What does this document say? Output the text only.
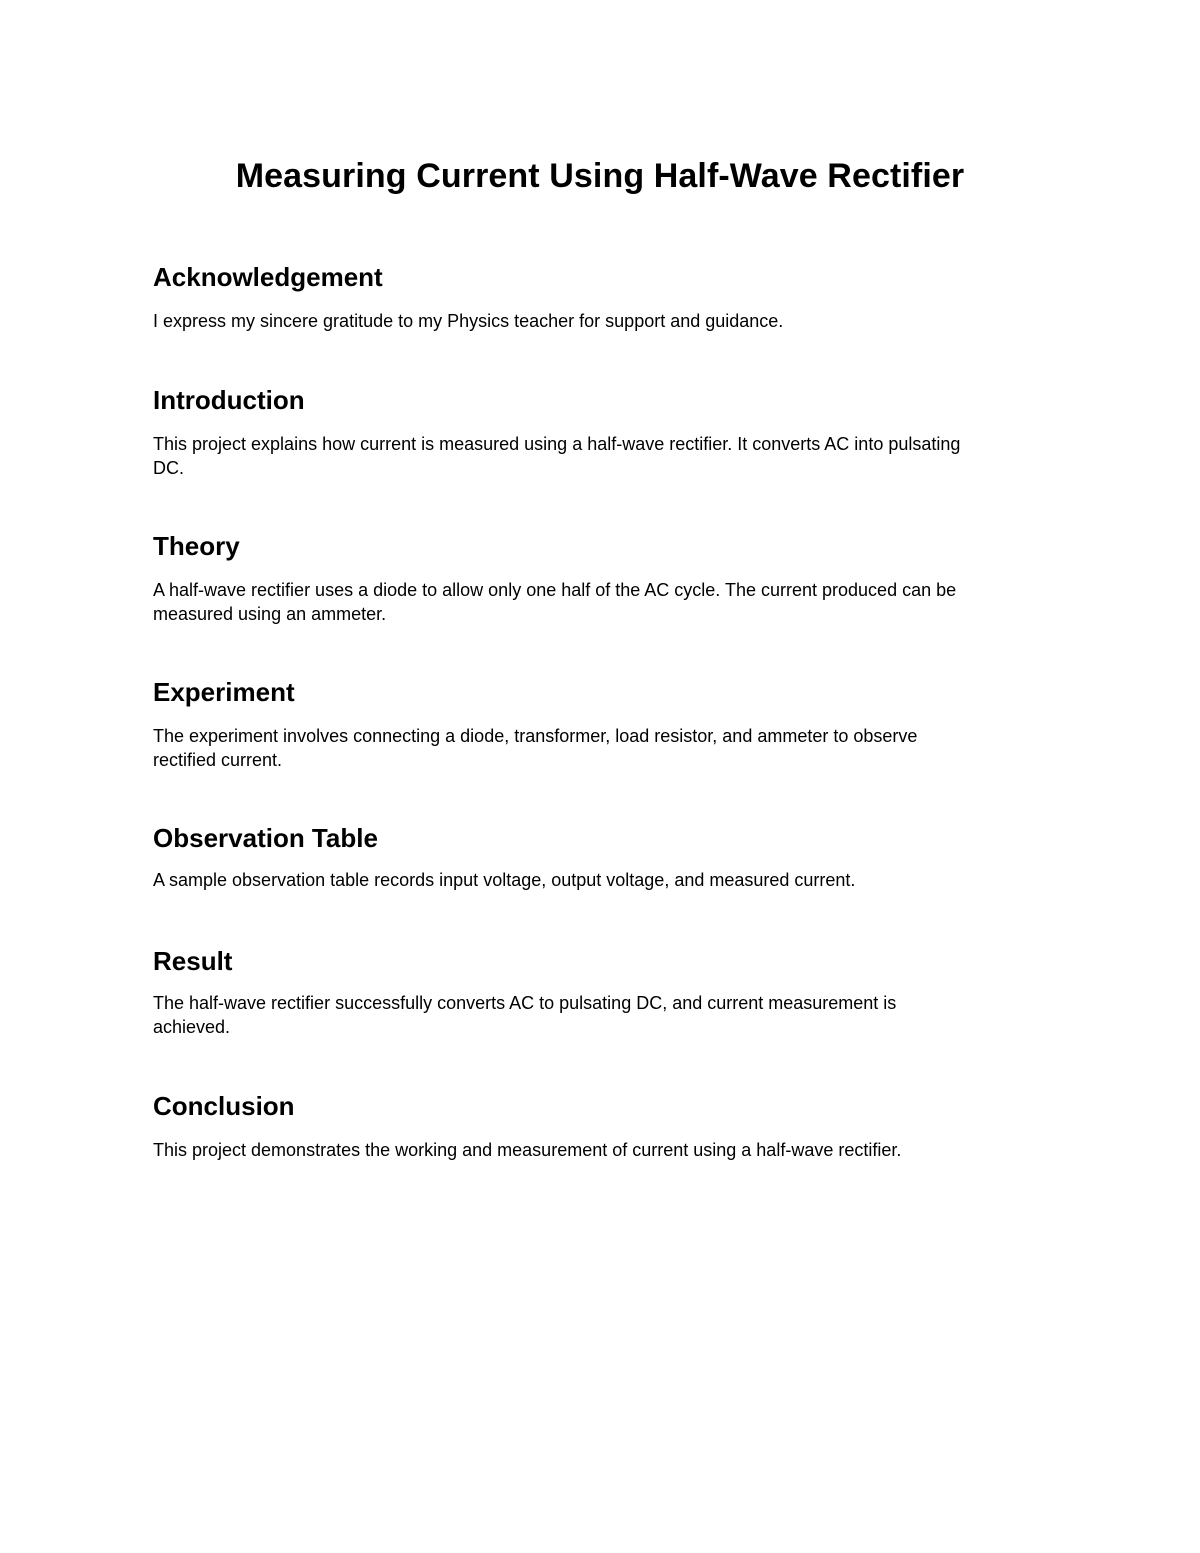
Measuring Current Using Half-Wave Rectifier
Acknowledgement

I express my sincere gratitude to my Physics teacher for support and guidance.

Introduction

This project explains how current is measured using a half-wave rectifier. It converts AC into pulsating
DC.

Theory

A half-wave rectifier uses a diode to allow only one half of the AC cycle. The current produced can be
measured using an ammeter.

Experiment

The experiment involves connecting a diode, transformer, load resistor, and ammeter to observe
rectified current.

Observation Table

A sample observation table records input voltage, output voltage, and measured current.

Result

The half-wave rectifier successfully converts AC to pulsating DC, and current measurement is
achieved.

Conclusion

This project demonstrates the working and measurement of current using a half-wave rectifier.
